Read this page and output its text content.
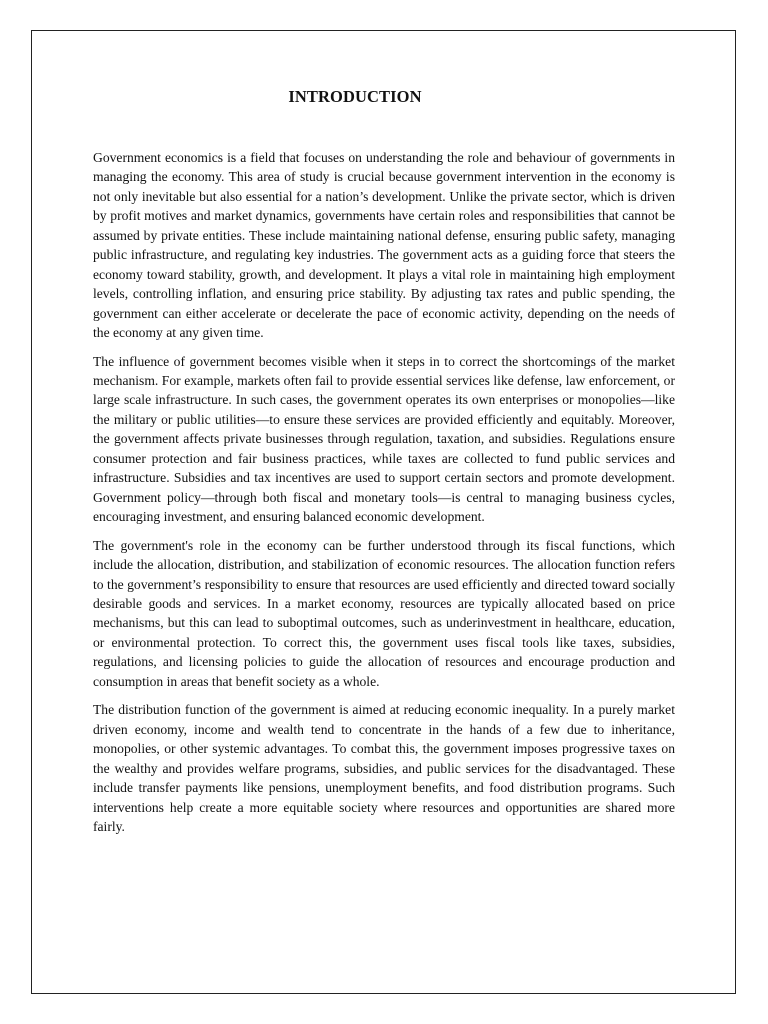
INTRODUCTION

Government economics is a field that focuses on understanding the role and behaviour of governments in managing the economy. This area of study is crucial because government intervention in the economy is not only inevitable but also essential for a nation’s development. Unlike the private sector, which is driven by profit motives and market dynamics, governments have certain roles and responsibilities that cannot be assumed by private entities. These include maintaining national defense, ensuring public safety, managing public infrastructure, and regulating key industries. The government acts as a guiding force that steers the economy toward stability, growth, and development. It plays a vital role in maintaining high employment levels, controlling inflation, and ensuring price stability. By adjusting tax rates and public spending, the government can either accelerate or decelerate the pace of economic activity, depending on the needs of the economy at any given time.

The influence of government becomes visible when it steps in to correct the shortcomings of the market mechanism. For example, markets often fail to provide essential services like defense, law enforcement, or large scale infrastructure. In such cases, the government operates its own enterprises or monopolies—like the military or public utilities—to ensure these services are provided efficiently and equitably. Moreover, the government affects private businesses through regulation, taxation, and subsidies. Regulations ensure consumer protection and fair business practices, while taxes are collected to fund public services and infrastructure. Subsidies and tax incentives are used to support certain sectors and promote development. Government policy—through both fiscal and monetary tools—is central to managing business cycles, encouraging investment, and ensuring balanced economic development.

The government's role in the economy can be further understood through its fiscal functions, which include the allocation, distribution, and stabilization of economic resources. The allocation function refers to the government’s responsibility to ensure that resources are used efficiently and directed toward socially desirable goods and services. In a market economy, resources are typically allocated based on price mechanisms, but this can lead to suboptimal outcomes, such as underinvestment in healthcare, education, or environmental protection. To correct this, the government uses fiscal tools like taxes, subsidies, regulations, and licensing policies to guide the allocation of resources and encourage production and consumption in areas that benefit society as a whole.

The distribution function of the government is aimed at reducing economic inequality. In a purely market driven economy, income and wealth tend to concentrate in the hands of a few due to inheritance, monopolies, or other systemic advantages. To combat this, the government imposes progressive taxes on the wealthy and provides welfare programs, subsidies, and public services for the disadvantaged. These include transfer payments like pensions, unemployment benefits, and food distribution programs. Such interventions help create a more equitable society where resources and opportunities are shared more fairly.
